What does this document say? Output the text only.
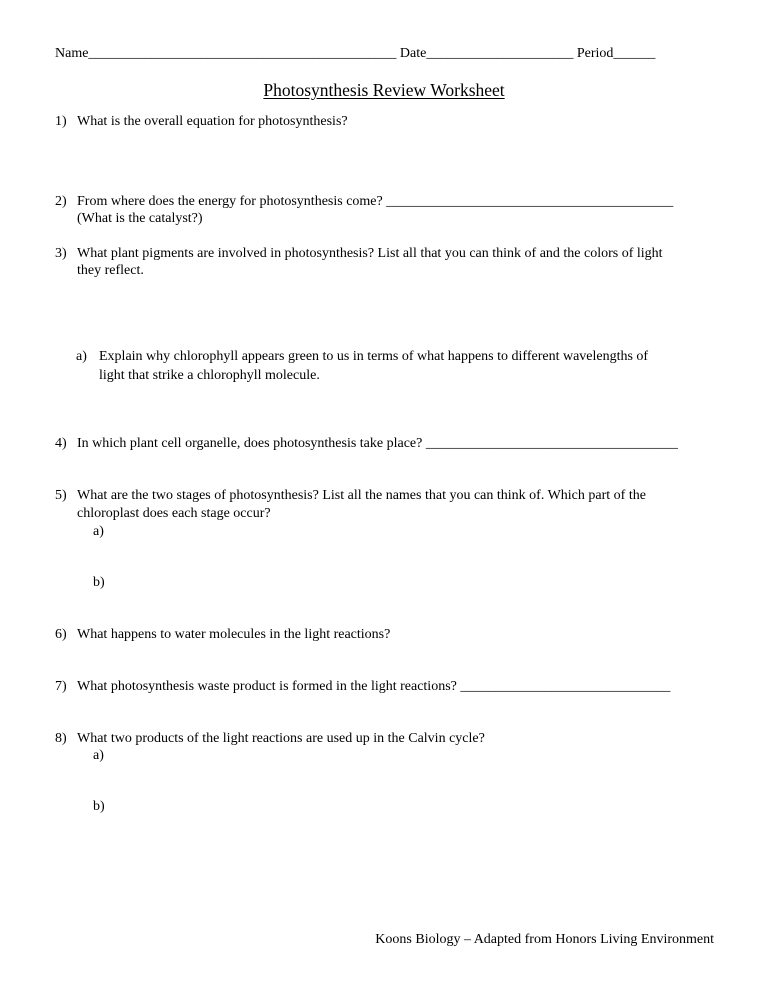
Name____________________________________________ Date_____________________ Period______
Photosynthesis Review Worksheet
1) What is the overall equation for photosynthesis?
2) From where does the energy for photosynthesis come? _________________________________________
(What is the catalyst?)
3) What plant pigments are involved in photosynthesis? List all that you can think of and the colors of light
they reflect.
a) Explain why chlorophyll appears green to us in terms of what happens to different wavelengths of
light that strike a chlorophyll molecule.
4) In which plant cell organelle, does photosynthesis take place? ____________________________________
5) What are the two stages of photosynthesis? List all the names that you can think of. Which part of the
chloroplast does each stage occur?
a)
b)
6) What happens to water molecules in the light reactions?
7) What photosynthesis waste product is formed in the light reactions? ______________________________
8) What two products of the light reactions are used up in the Calvin cycle?
a)
b)
Koons Biology – Adapted from Honors Living Environment
